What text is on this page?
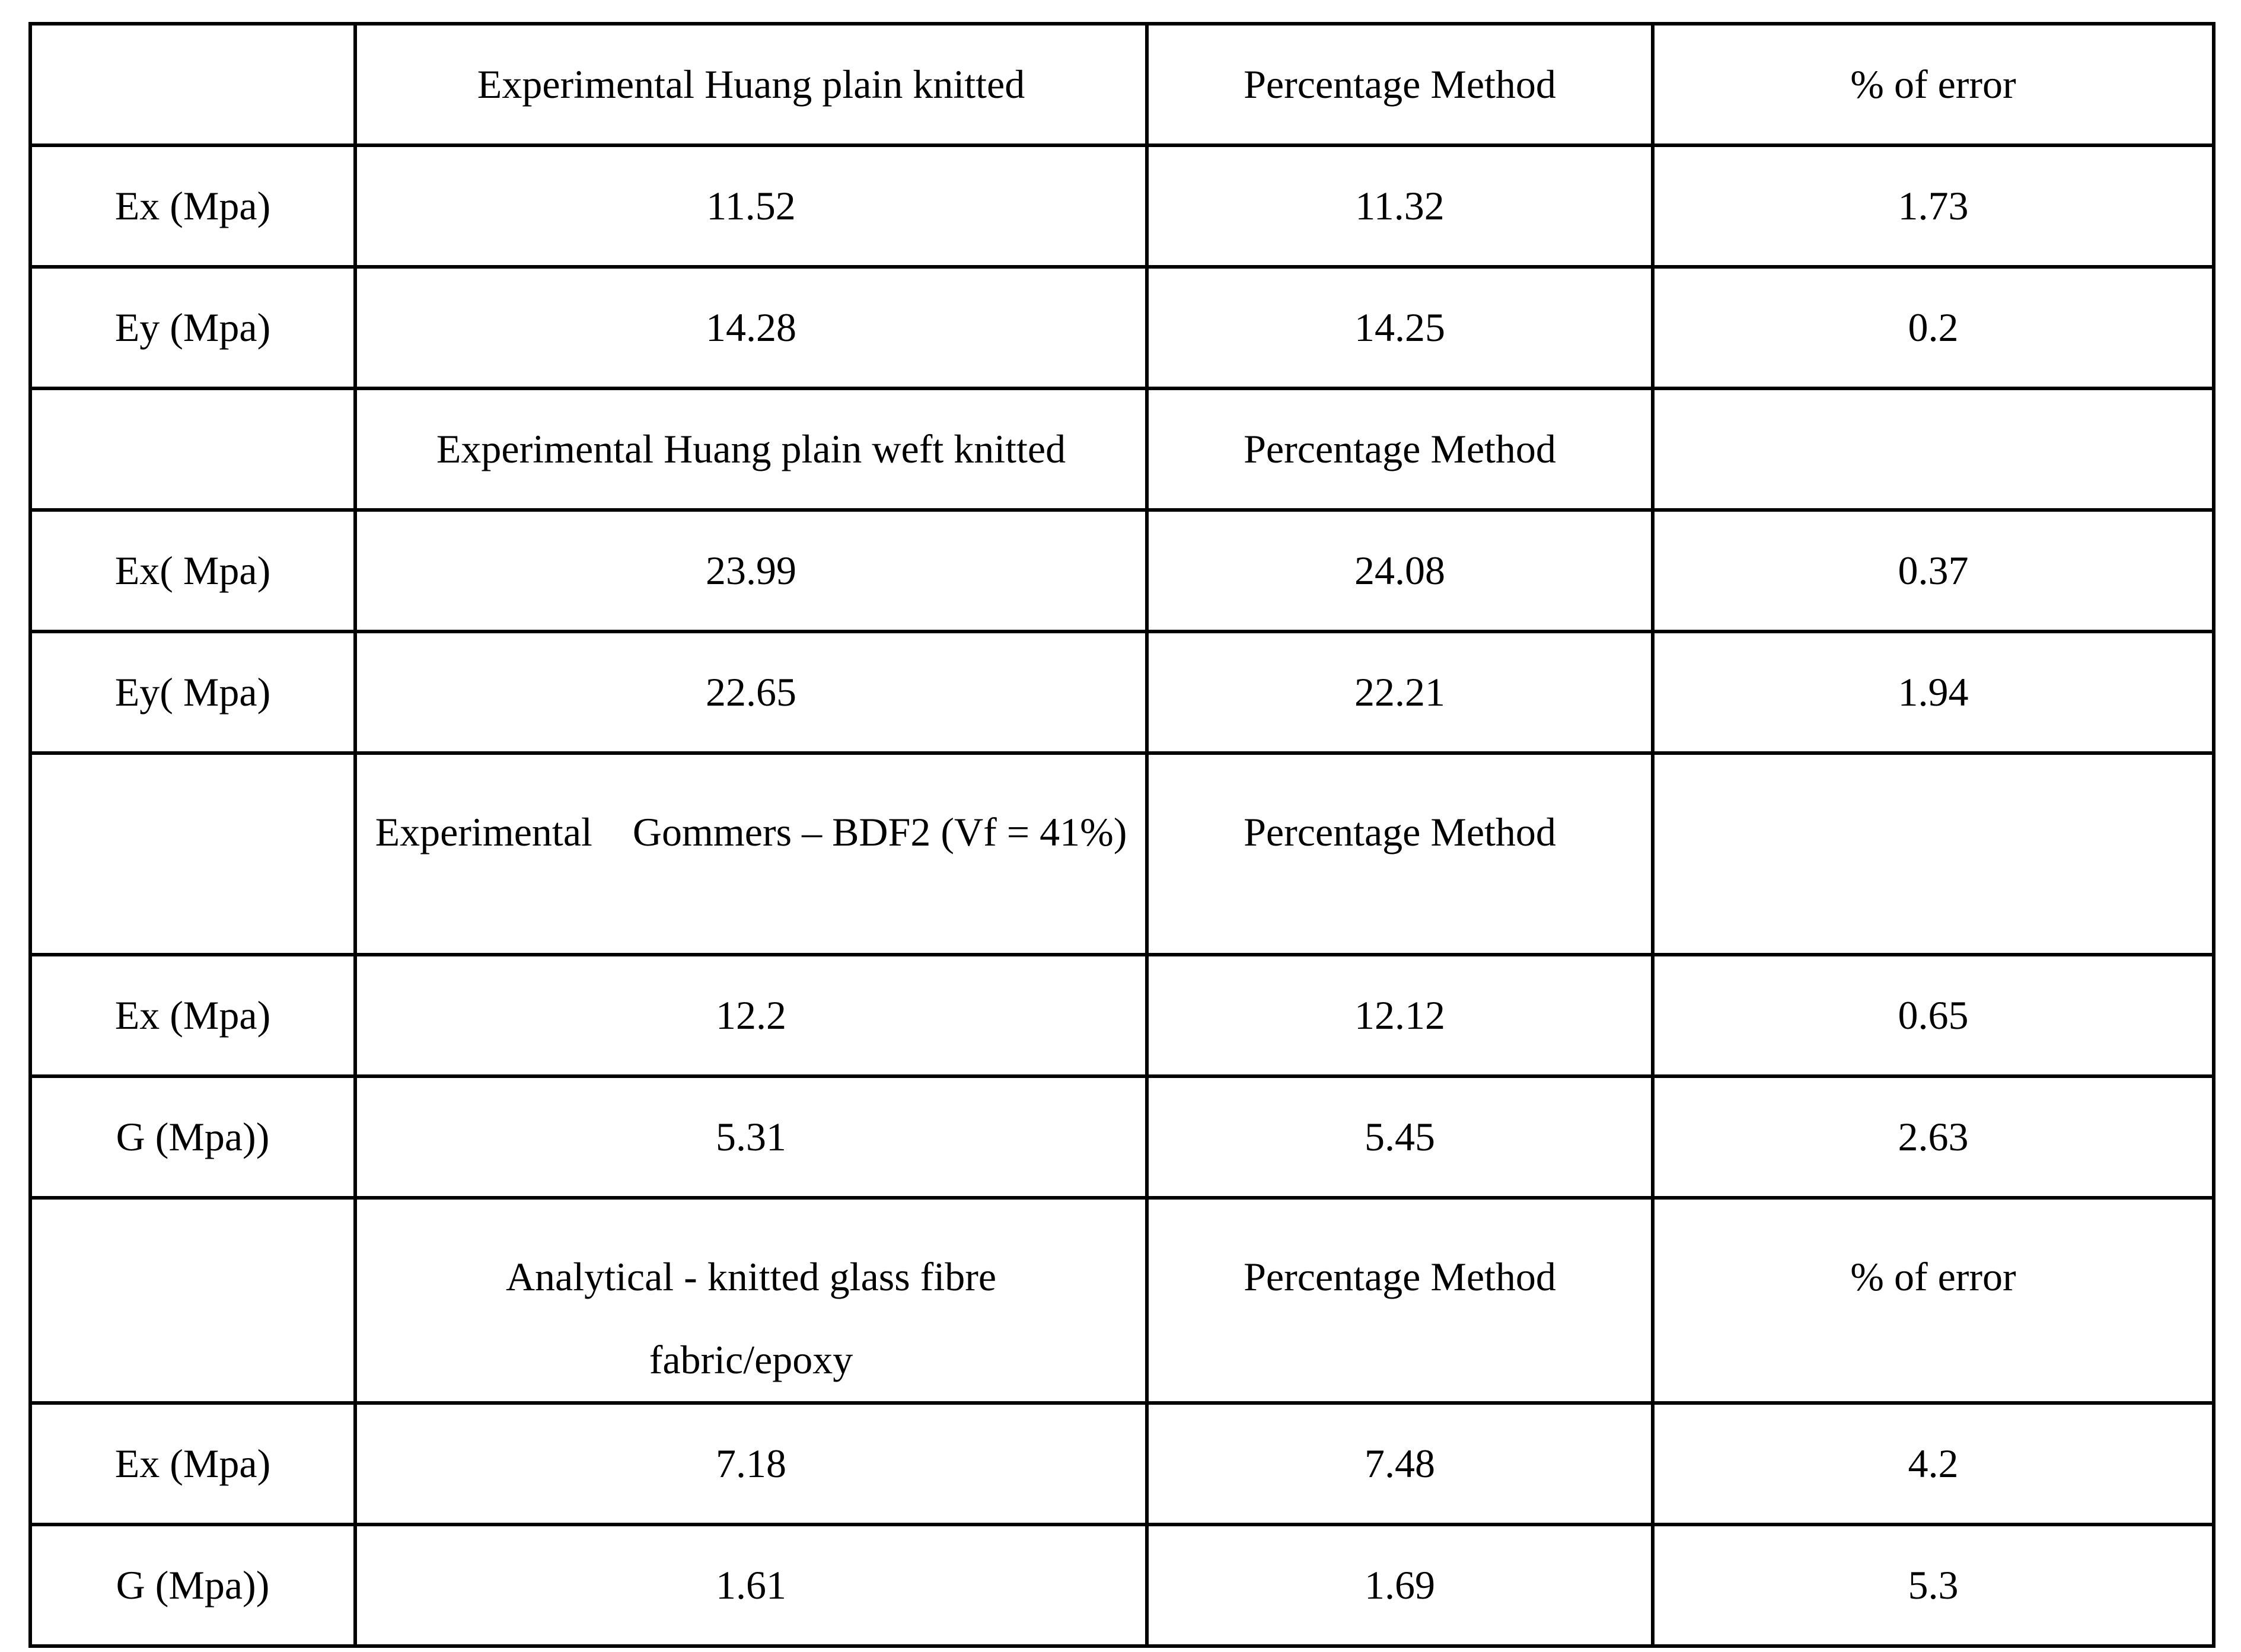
	Experimental Huang plain knitted	Percentage Method	% of error
Ex (Mpa)	11.52	11.32	1.73
Ey (Mpa)	14.28	14.25	0.2
	Experimental Huang plain weft knitted	Percentage Method	
Ex( Mpa)	23.99	24.08	0.37
Ey( Mpa)	22.65	22.21	1.94

	Experimental Gommers – BDF2 (Vf = 41%)	Percentage Method	

Ex (Mpa)	12.2	12.12	0.65
G (Mpa))	5.31	5.45	2.63

	Analytical - knitted glass fibre fabric/epoxy	Percentage Method	% of error

Ex (Mpa)	7.18	7.48	4.2
G (Mpa))	1.61	1.69	5.3
